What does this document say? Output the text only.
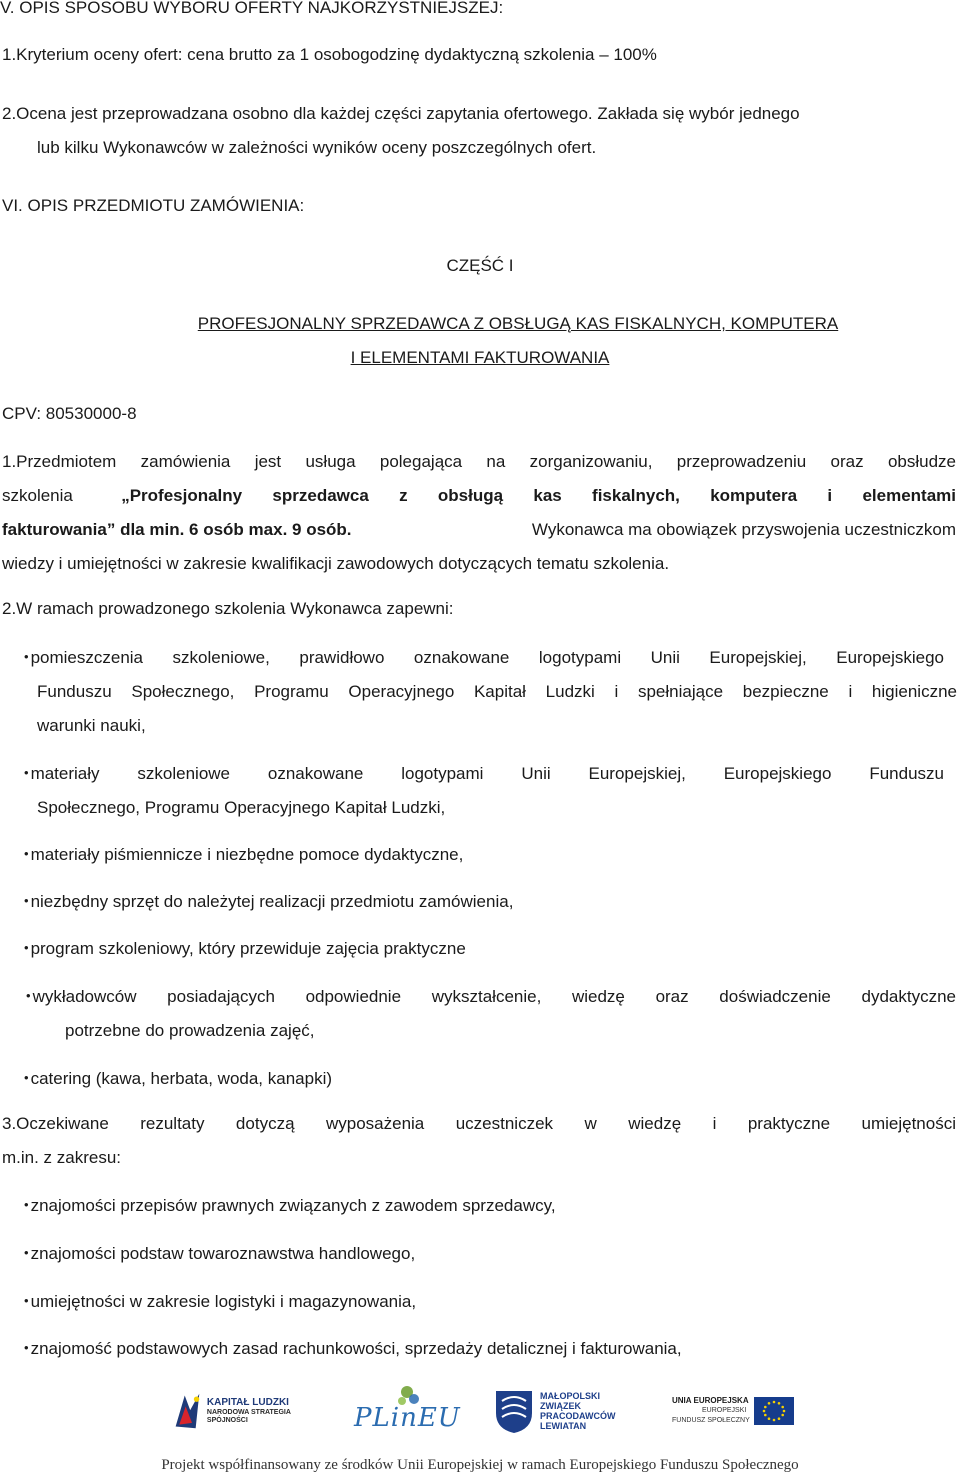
V. OPIS SPOSOBU WYBORU OFERTY NAJKORZYSTNIEJSZEJ:
1.Kryterium oceny ofert: cena brutto za 1 osobogodzinę dydaktyczną szkolenia – 100%
2.Ocena jest przeprowadzana osobno dla każdej części zapytania ofertowego. Zakłada się wybór jednego
lub kilku Wykonawców w zależności wyników oceny poszczególnych ofert.
VI. OPIS PRZEDMIOTU ZAMÓWIENIA:
CZĘŚĆ I
PROFESJONALNY SPRZEDAWCA Z OBSŁUGĄ KAS FISKALNYCH, KOMPUTERA
I ELEMENTAMI FAKTUROWANIA
CPV: 80530000-8
1.Przedmiotem zamówienia jest usługa polegająca na zorganizowaniu, przeprowadzeniu oraz obsłudze
szkolenia	„Profesjonalny sprzedawca z obsługą kas fiskalnych, komputera i elementami
fakturowania” dla min. 6 osób max. 9 osób.	Wykonawca ma obowiązek przyswojenia uczestniczkom
wiedzy i umiejętności w zakresie kwalifikacji zawodowych dotyczących tematu szkolenia.
2.W ramach prowadzonego szkolenia Wykonawca zapewni:
• pomieszczenia szkoleniowe, prawidłowo oznakowane logotypami Unii Europejskiej, Europejskiego
Funduszu Społecznego, Programu Operacyjnego Kapitał Ludzki i spełniające bezpieczne i higieniczne
warunki nauki,
• materiały szkoleniowe oznakowane logotypami Unii Europejskiej, Europejskiego Funduszu
Społecznego, Programu Operacyjnego Kapitał Ludzki,
• materiały piśmiennicze i niezbędne pomoce dydaktyczne,
• niezbędny sprzęt do należytej realizacji przedmiotu zamówienia,
• program szkoleniowy, który przewiduje zajęcia praktyczne
• wykładowców posiadających odpowiednie wykształcenie, wiedzę oraz doświadczenie dydaktyczne
potrzebne do prowadzenia zajęć,
• catering (kawa, herbata, woda, kanapki)
3.Oczekiwane rezultaty dotyczą wyposażenia uczestniczek w wiedzę i praktyczne umiejętności
m.in. z zakresu:
• znajomości przepisów prawnych związanych z zawodem sprzedawcy,
• znajomości podstaw towaroznawstwa handlowego,
• umiejętności w zakresie logistyki i magazynowania,
• znajomość podstawowych zasad rachunkowości, sprzedaży detalicznej i fakturowania,
KAPITAŁ LUDZKI
NARODOWA STRATEGIA SPÓJNOŚCI	PLinEU
MAŁOPOLSKI
ZWIĄZEK
PRACODAWCÓW
LEWIATAN
UNIA EUROPEJSKA
EUROPEJSKI
FUNDUSZ SPOŁECZNY
Projekt współfinansowany ze środków Unii Europejskiej w ramach Europejskiego Funduszu Społecznego
